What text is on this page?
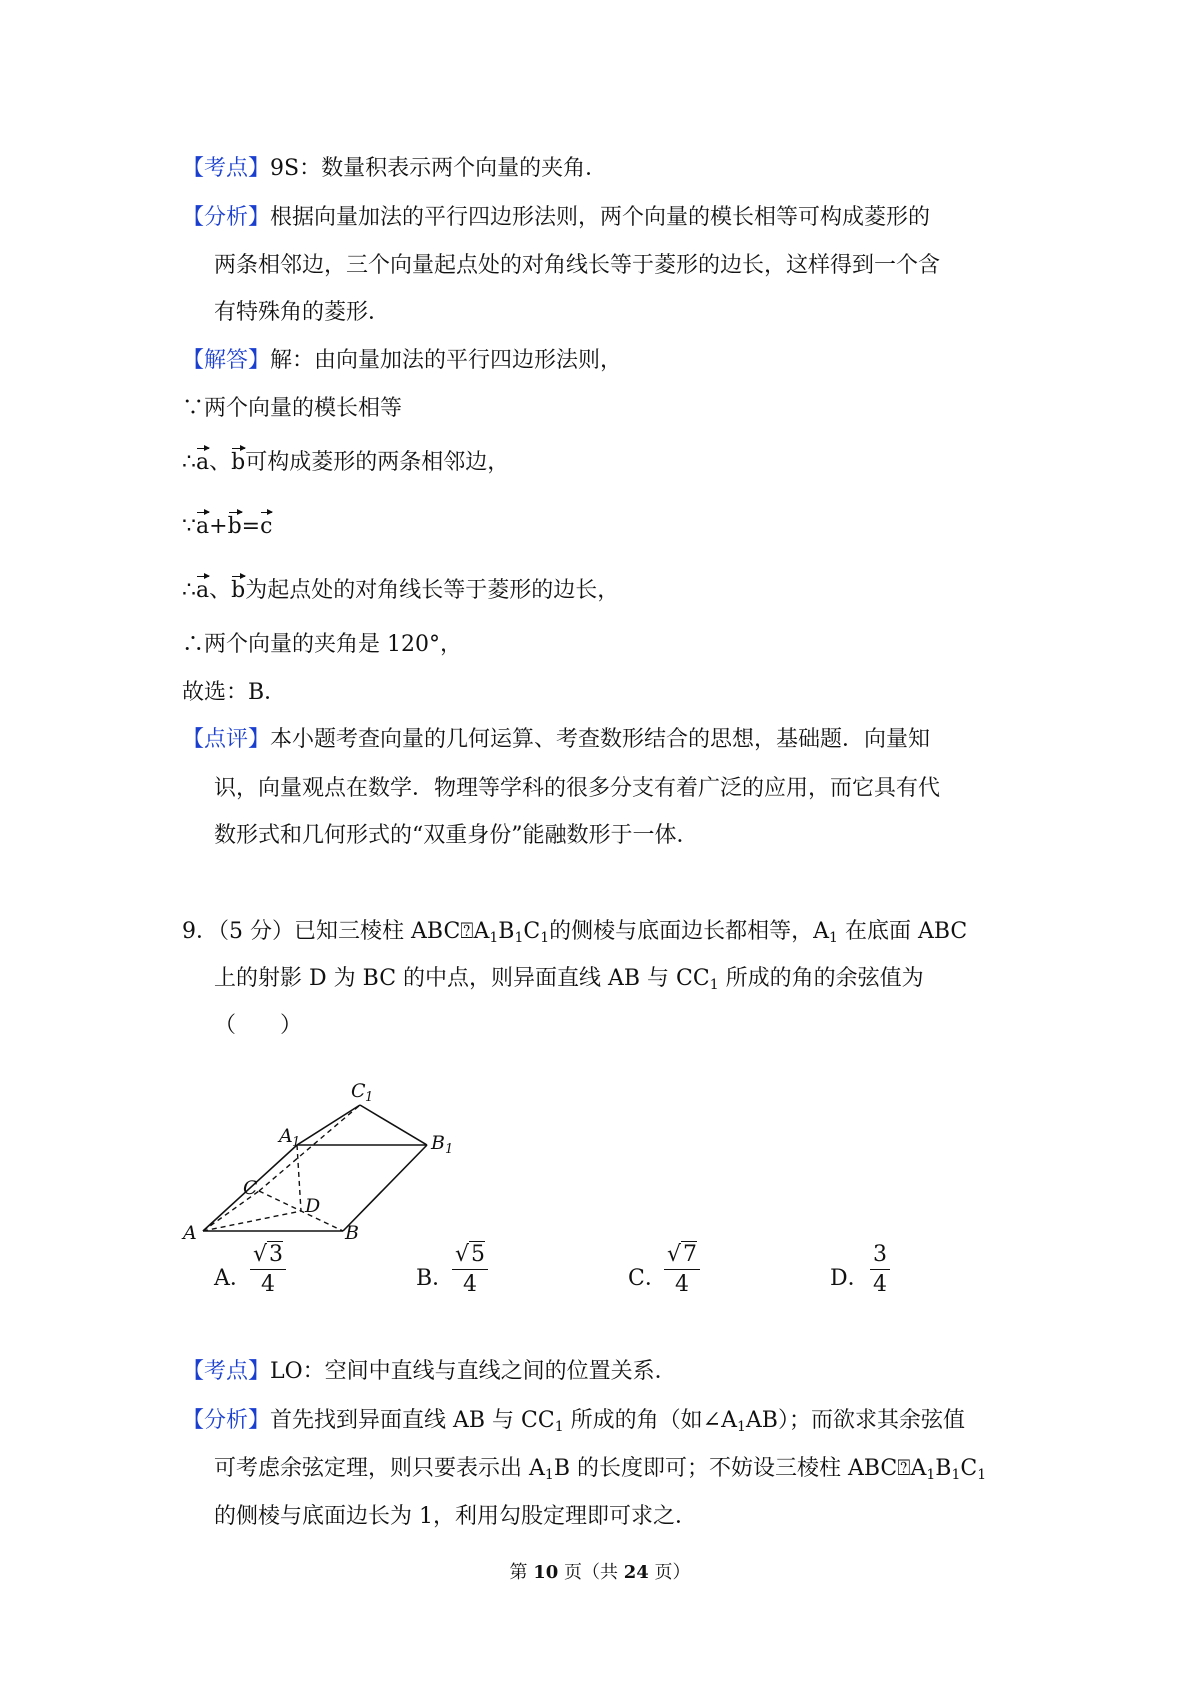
【考点】9S：数量积表示两个向量的夹角．
【分析】根据向量加法的平行四边形法则，两个向量的模长相等可构成菱形的
两条相邻边，三个向量起点处的对角线长等于菱形的边长，这样得到一个含
有特殊角的菱形．
【解答】解：由向量加法的平行四边形法则，
∵两个向量的模长相等
∴a、b可构成菱形的两条相邻边，
∵a+b=c
∴a、b为起点处的对角线长等于菱形的边长，
∴两个向量的夹角是 120°，
故选：B．
【点评】本小题考查向量的几何运算、考查数形结合的思想，基础题．向量知
识，向量观点在数学．物理等学科的很多分支有着广泛的应用，而它具有代
数形式和几何形式的“双重身份”能融数形于一体．
9．（5 分）已知三棱柱 $ABC⍰A_1B_1C_1$的侧棱与底面边长都相等，$A_1$ 在底面 ABC
上的射影 D 为 BC 的中点，则异面直线 AB 与 $CC_1$ 所成的角的余弦值为
（　　）
A	B
C
D
A 1	B 1
C 1
A．
$\frac{√3}{4}$	B．
$\frac{√5}{4}$	C．
$\frac{√7}{4}$	D． $\frac{3}{4}$
【考点】LO：空间中直线与直线之间的位置关系．
【分析】首先找到异面直线 AB 与 $CC_1$ 所成的角（如$\angle A_1AB$）；而欲求其余弦值
可考虑余弦定理，则只要表示出 $A_1B$ 的长度即可；不妨设三棱柱 $ABC⍰A_1B_1C_1$
的侧棱与底面边长为 1，利用勾股定理即可求之．
第 10 页（共 24 页）
